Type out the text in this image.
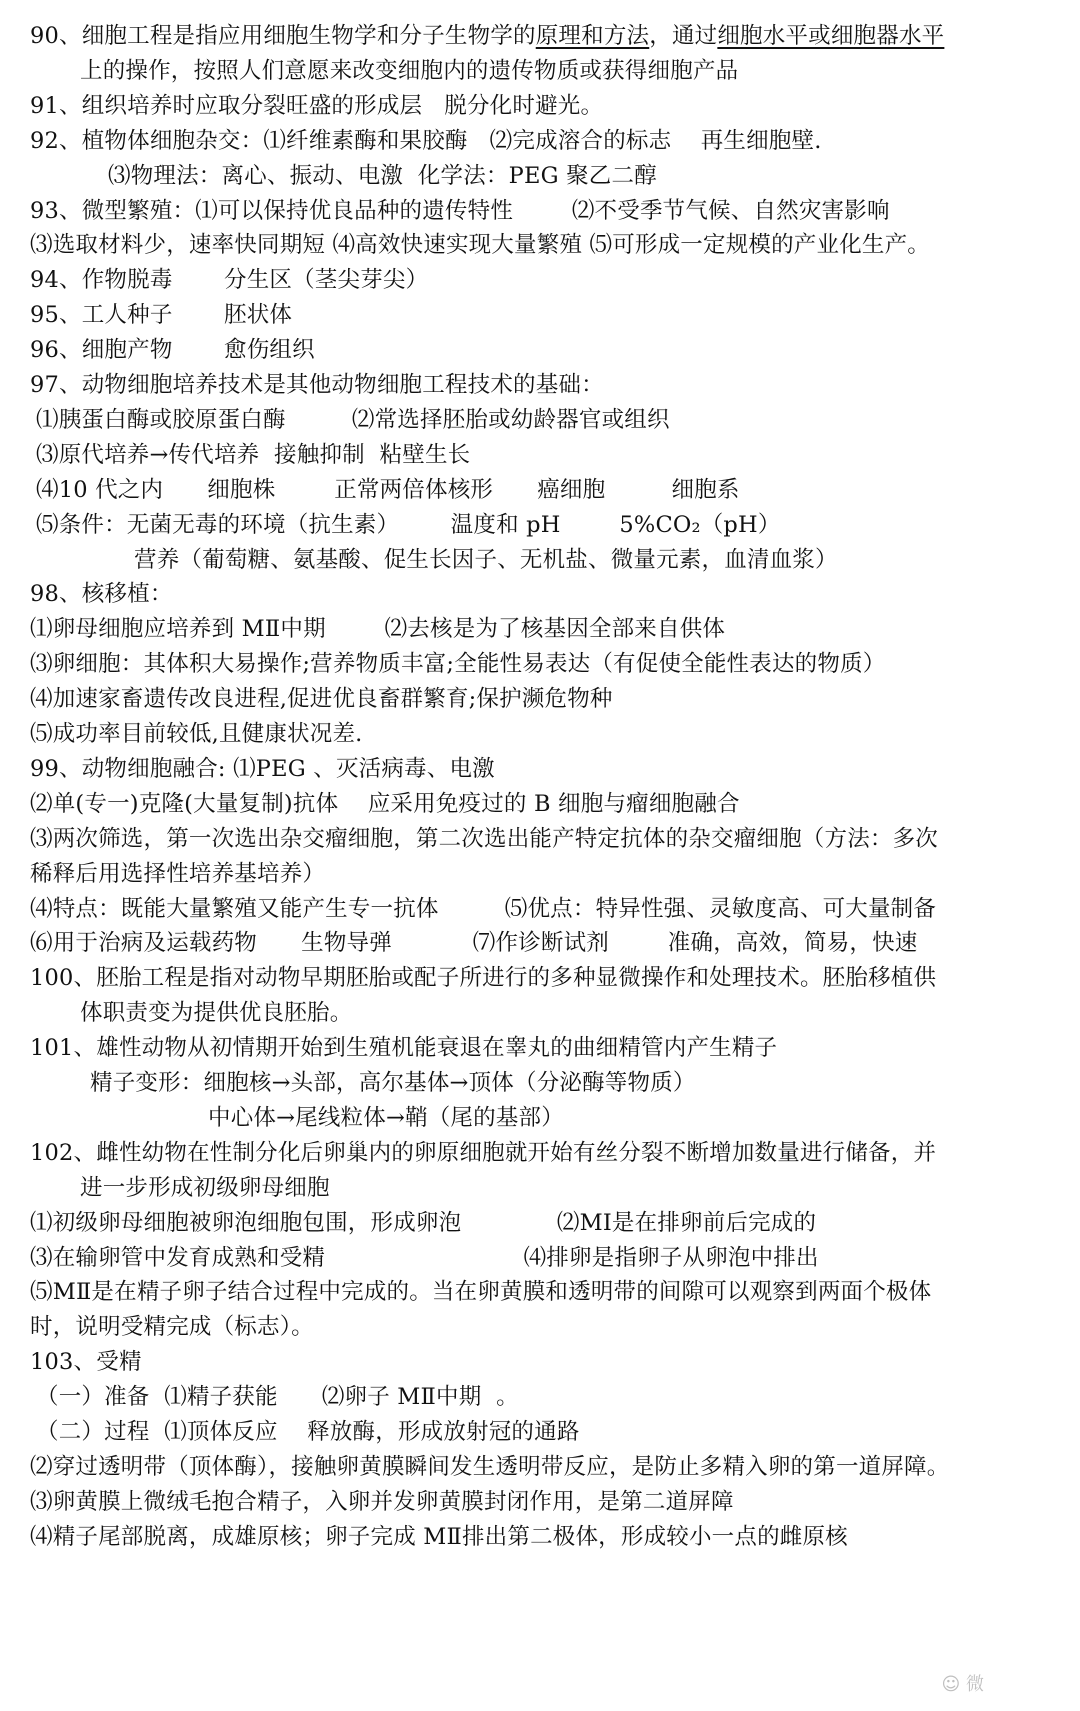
90、细胞工程是指应用细胞生物学和分子生物学的原理和方法，通过细胞水平或细胞器水平
上的操作，按照人们意愿来改变细胞内的遗传物质或获得细胞产品
91、组织培养时应取分裂旺盛的形成层   脱分化时避光。
92、植物体细胞杂交：⑴纤维素酶和果胶酶   ⑵完成溶合的标志    再生细胞壁.
⑶物理法：离心、振动、电激  化学法：PEG 聚乙二醇
93、微型繁殖：⑴可以保持优良品种的遗传特性        ⑵不受季节气候、自然灾害影响
⑶选取材料少，速率快同期短 ⑷高效快速实现大量繁殖 ⑸可形成一定规模的产业化生产。
94、作物脱毒       分生区（茎尖芽尖）
95、工人种子       胚状体
96、细胞产物       愈伤组织
97、动物细胞培养技术是其他动物细胞工程技术的基础：
⑴胰蛋白酶或胶原蛋白酶         ⑵常选择胚胎或幼龄器官或组织
⑶原代培养→传代培养  接触抑制  粘壁生长
⑷10 代之内      细胞株        正常两倍体核形      癌细胞         细胞系
⑸条件：无菌无毒的环境（抗生素）       温度和 pH        5%CO₂（pH）
营养（葡萄糖、氨基酸、促生长因子、无机盐、微量元素，血清血浆）
98、核移植：
⑴卵母细胞应培养到 MⅡ中期        ⑵去核是为了核基因全部来自供体
⑶卵细胞：其体积大易操作;营养物质丰富;全能性易表达（有促使全能性表达的物质）
⑷加速家畜遗传改良进程,促进优良畜群繁育;保护濒危物种
⑸成功率目前较低,且健康状况差.
99、动物细胞融合: ⑴PEG 、灭活病毒、电激
⑵单(专一)克隆(大量复制)抗体    应采用免疫过的 B 细胞与瘤细胞融合
⑶两次筛选，第一次选出杂交瘤细胞，第二次选出能产特定抗体的杂交瘤细胞（方法：多次
稀释后用选择性培养基培养）
⑷特点：既能大量繁殖又能产生专一抗体         ⑸优点：特异性强、灵敏度高、可大量制备
⑹用于治病及运载药物      生物导弹           ⑺作诊断试剂        准确，高效，简易，快速
100、胚胎工程是指对动物早期胚胎或配子所进行的多种显微操作和处理技术。胚胎移植供
体职责变为提供优良胚胎。
101、雄性动物从初情期开始到生殖机能衰退在睾丸的曲细精管内产生精子
精子变形：细胞核→头部，高尔基体→顶体（分泌酶等物质）
中心体→尾线粒体→鞘（尾的基部）
102、雌性幼物在性制分化后卵巢内的卵原细胞就开始有丝分裂不断增加数量进行储备，并
进一步形成初级卵母细胞
⑴初级卵母细胞被卵泡细胞包围，形成卵泡             ⑵MⅠ是在排卵前后完成的
⑶在输卵管中发育成熟和受精                           ⑷排卵是指卵子从卵泡中排出
⑸MⅡ是在精子卵子结合过程中完成的。当在卵黄膜和透明带的间隙可以观察到两面个极体
时，说明受精完成（标志）。
103、受精
（一）准备  ⑴精子获能      ⑵卵子 MⅡ中期  。
（二）过程  ⑴顶体反应    释放酶，形成放射冠的通路
⑵穿过透明带（顶体酶），接触卵黄膜瞬间发生透明带反应，是防止多精入卵的第一道屏障。
⑶卵黄膜上微绒毛抱合精子，入卵并发卵黄膜封闭作用，是第二道屏障
⑷精子尾部脱离，成雄原核；卵子完成 MⅡ排出第二极体，形成较小一点的雌原核
☺ 微
